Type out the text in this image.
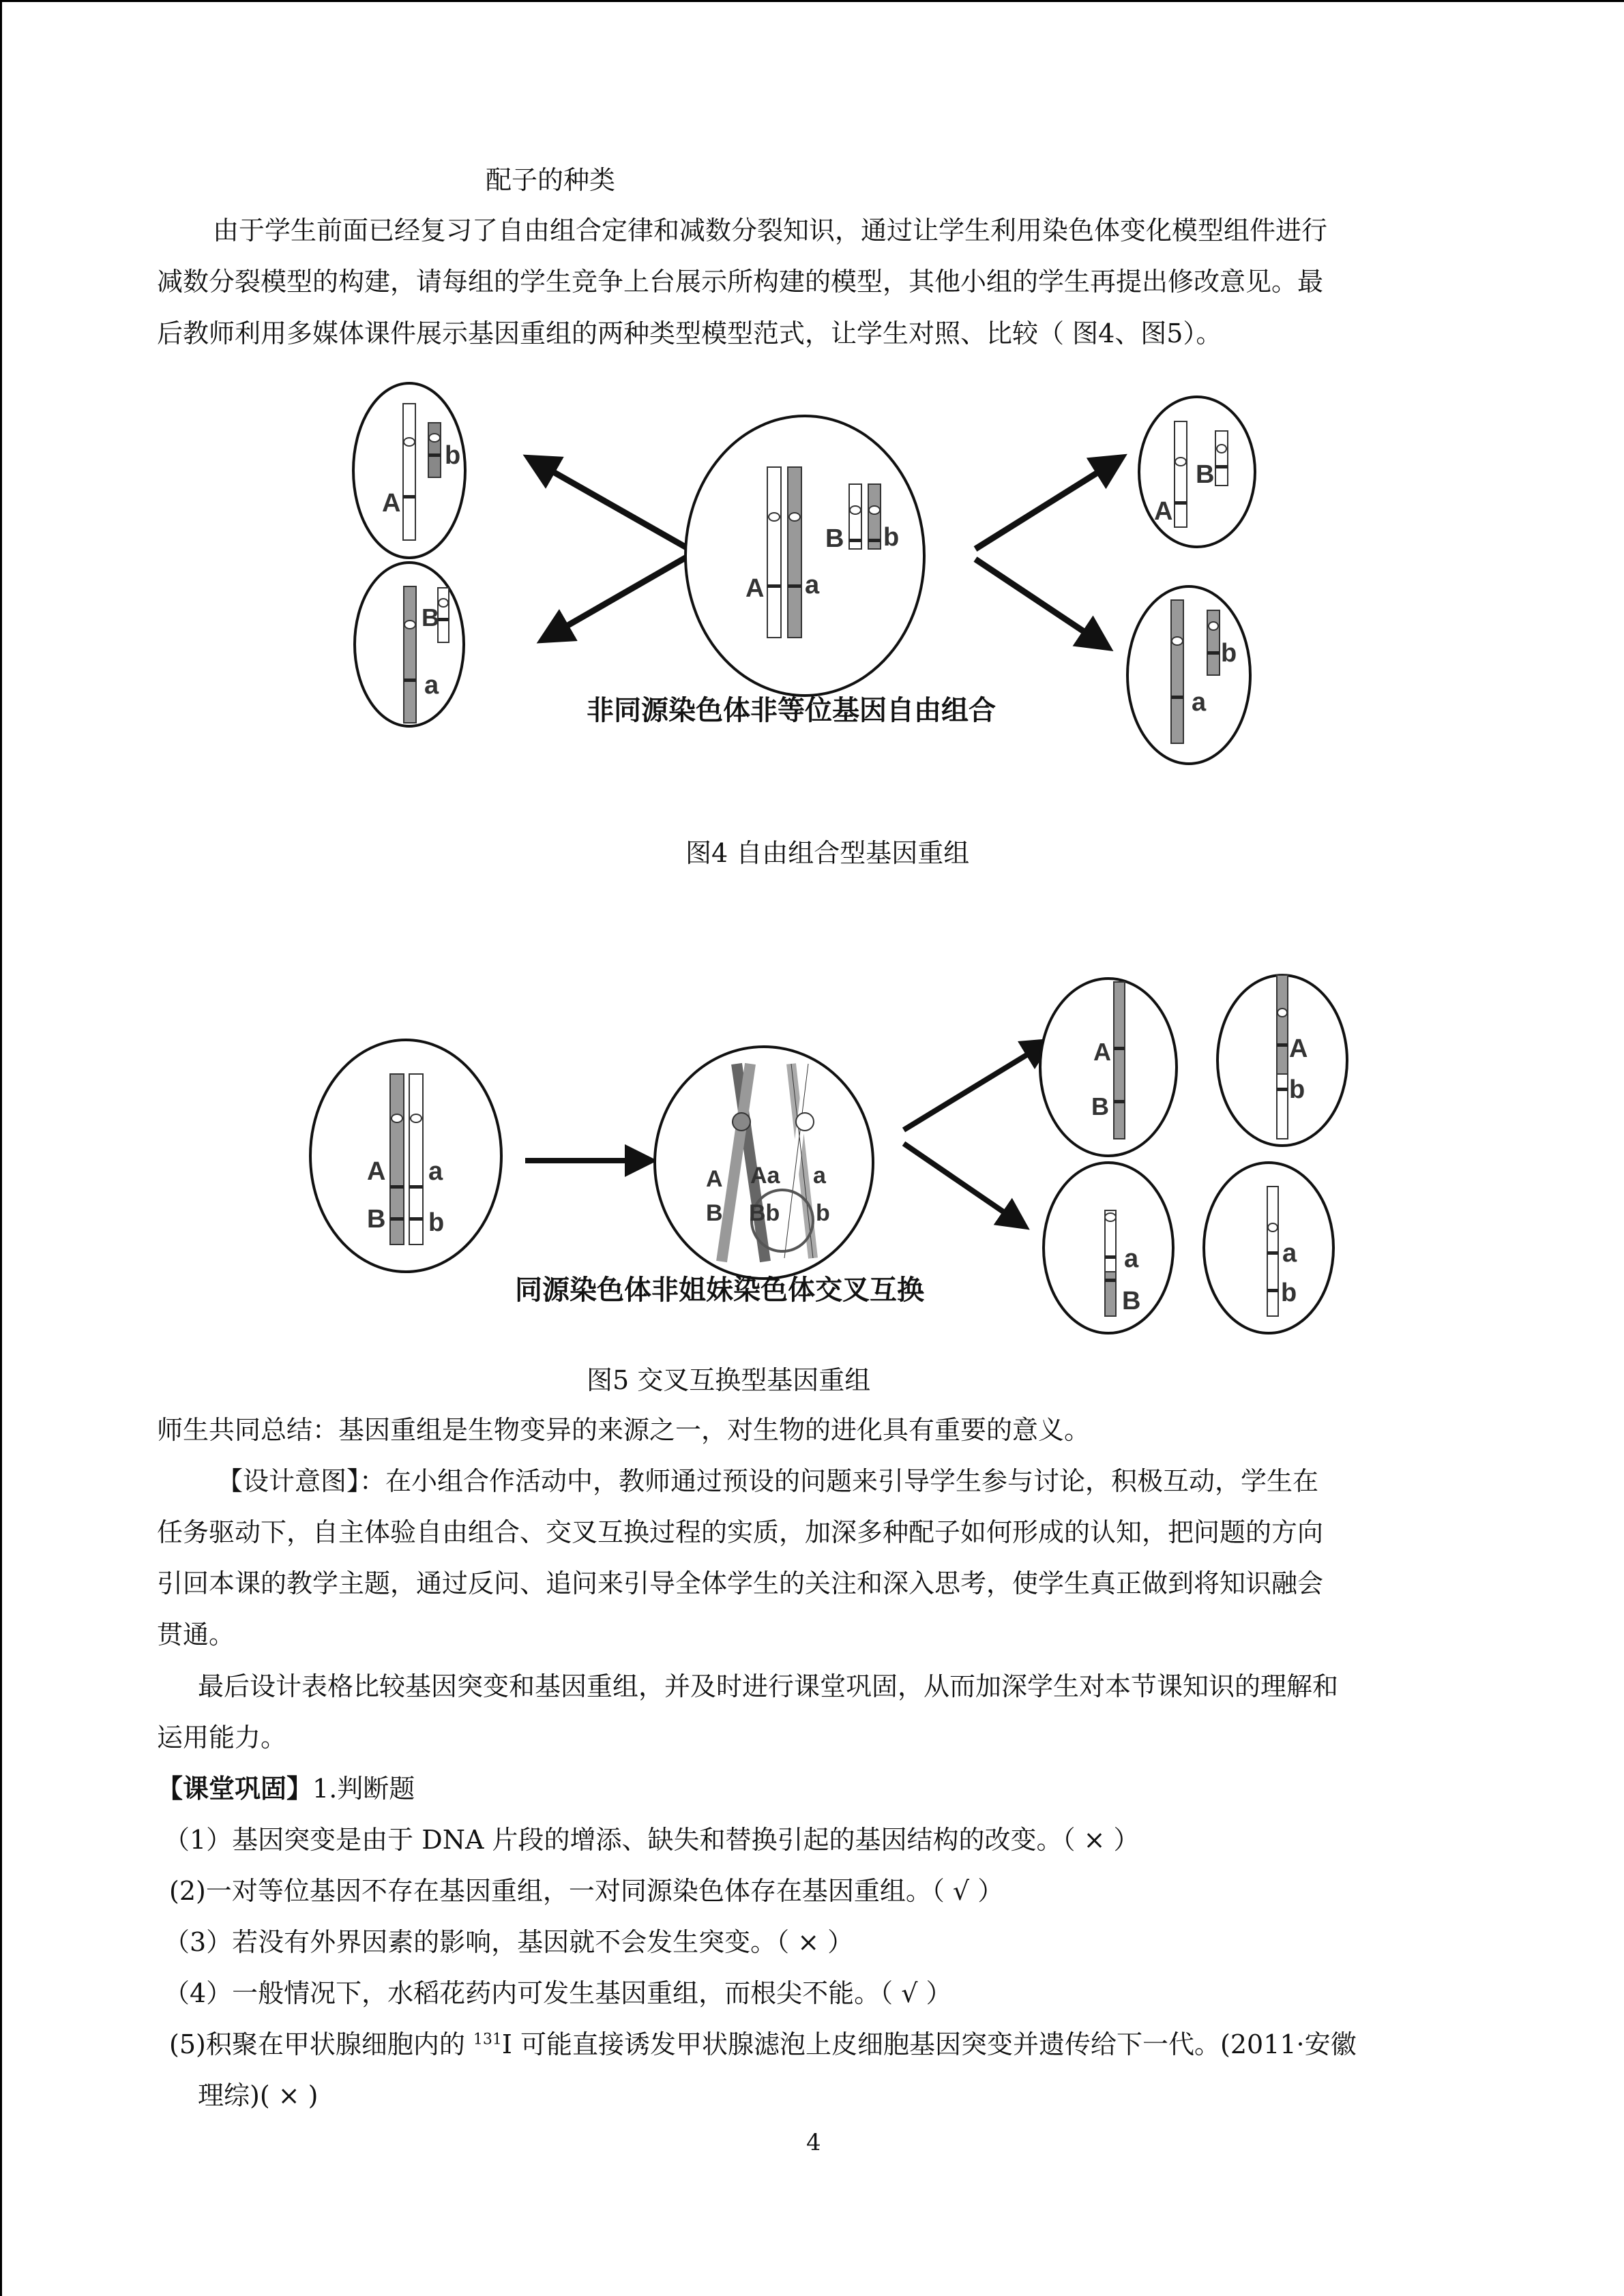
配子的种类
由于学生前面已经复习了自由组合定律和减数分裂知识，通过让学生利用染色体变化模型组件进行
减数分裂模型的构建，请每组的学生竞争上台展示所构建的模型，其他小组的学生再提出修改意见。最
后教师利用多媒体课件展示基因重组的两种类型模型范式，让学生对照、比较（ 图4、图5）。
A
b
B
a
A a
B b
非同源染色体非等位基因自由组合
A
B
b
a
图4 自由组合型基因重组
A
B
a
b
A Aa a
B Bb b
同源染色体非姐妹染色体交叉互换
A
B
A
b
a
B
a
b
图5 交叉互换型基因重组
师生共同总结：基因重组是生物变异的来源之一，对生物的进化具有重要的意义。
【设计意图】：在小组合作活动中，教师通过预设的问题来引导学生参与讨论，积极互动，学生在
任务驱动下，自主体验自由组合、交叉互换过程的实质，加深多种配子如何形成的认知，把问题的方向
引回本课的教学主题，通过反问、追问来引导全体学生的关注和深入思考，使学生真正做到将知识融会
贯通。
最后设计表格比较基因突变和基因重组，并及时进行课堂巩固，从而加深学生对本节课知识的理解和
运用能力。
【课堂巩固】1.判断题
（1）基因突变是由于 DNA 片段的增添、缺失和替换引起的基因结构的改变。（ × ）
(2)一对等位基因不存在基因重组，一对同源染色体存在基因重组。（ √ ）
（3）若没有外界因素的影响，基因就不会发生突变。（ × ）
（4）一般情况下，水稻花药内可发生基因重组，而根尖不能。（ √ ）
(5)积聚在甲状腺细胞内的 $^{131}$I 可能直接诱发甲状腺滤泡上皮细胞基因突变并遗传给下一代。(2011·安徽
理综)( × )
4
